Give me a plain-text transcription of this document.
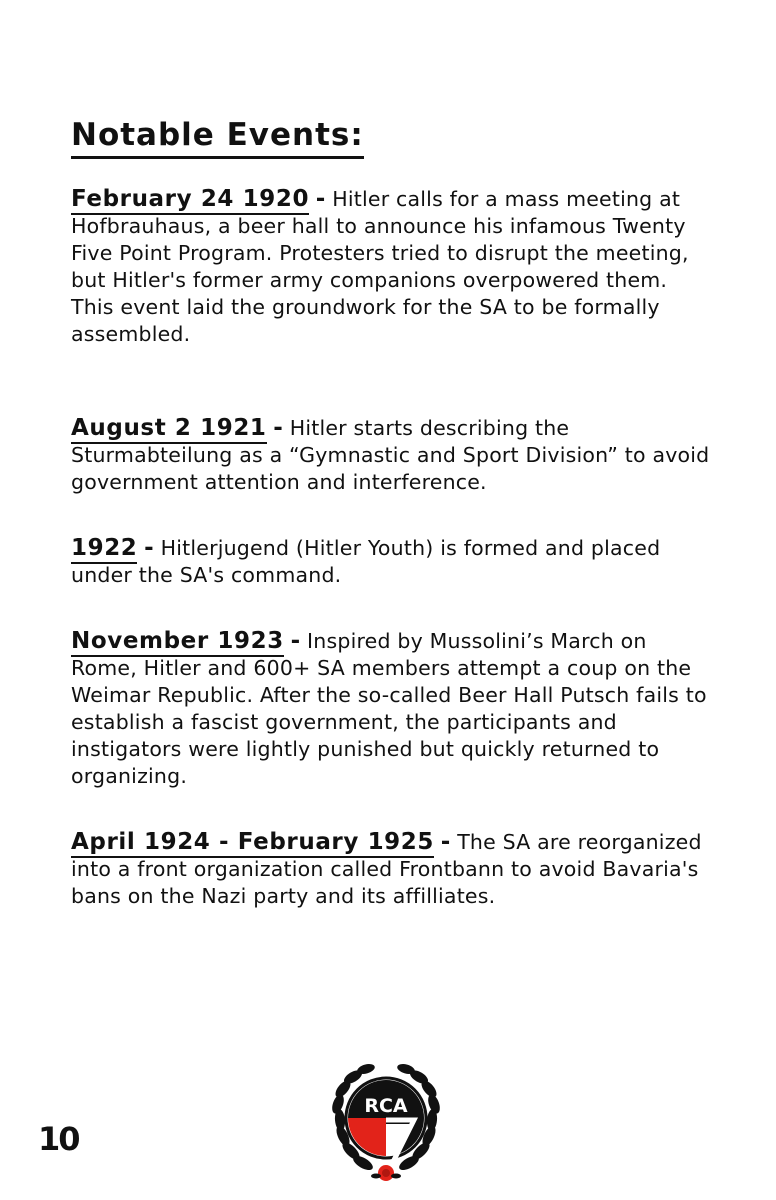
Notable Events:

February 24 1920 - Hitler calls for a mass meeting at Hofbrauhaus, a beer hall to announce his infamous Twenty Five Point Program. Protesters tried to disrupt the meeting, but Hitler's former army companions overpowered them. This event laid the groundwork for the SA to be formally assembled.

August 2 1921 - Hitler starts describing the Sturmabteilung as a “Gymnastic and Sport Division” to avoid government attention and interference.

1922 - Hitlerjugend (Hitler Youth) is formed and placed under the SA's command.

November 1923 - Inspired by Mussolini’s March on Rome, Hitler and 600+ SA members attempt a coup on the Weimar Republic. After the so-called Beer Hall Putsch fails to establish a fascist government, the participants and instigators were lightly punished but quickly returned to organizing.

April 1924 - February 1925 - The SA are reorganized into a front organization called Frontbann to avoid Bavaria's bans on the Nazi party and its affilliates.

10
RCA
